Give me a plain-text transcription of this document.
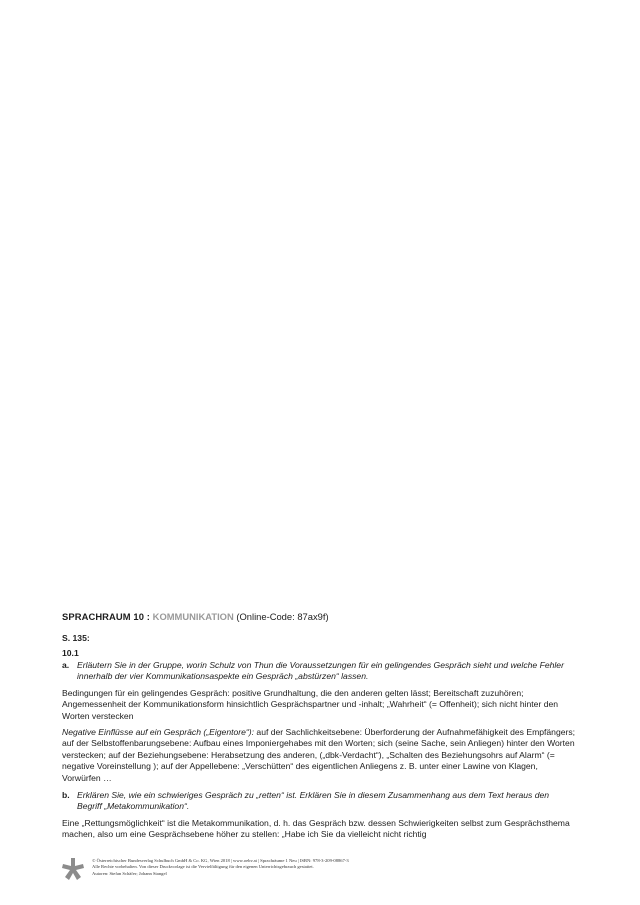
SPRACHRAUM 10 : KOMMUNIKATION (Online-Code: 87ax9f)
S. 135:
10.1
a. Erläutern Sie in der Gruppe, worin Schulz von Thun die Voraussetzungen für ein gelingendes Gespräch sieht und welche Fehler innerhalb der vier Kommunikationsaspekte ein Gespräch „abstürzen“ lassen.
Bedingungen für ein gelingendes Gespräch: positive Grundhaltung, die den anderen gelten lässt; Bereitschaft zuzuhören; Angemessenheit der Kommunikationsform hinsichtlich Gesprächspartner und -inhalt; „Wahrheit“ (= Offenheit); sich nicht hinter den Worten verstecken
Negative Einflüsse auf ein Gespräch („Eigentore“): auf der Sachlichkeitsebene: Überforderung der Aufnahmefähigkeit des Empfängers; auf der Selbstoffenbarungsebene: Aufbau eines Imponiergehabes mit den Worten; sich (seine Sache, sein Anliegen) hinter den Worten verstecken; auf der Beziehungsebene: Herabsetzung des anderen, („dbk-Verdacht“), „Schalten des Beziehungsohrs auf Alarm“ (= negative Voreinstellung ); auf der Appellebene: „Verschütten“ des eigentlichen Anliegens z. B. unter einer Lawine von Klagen, Vorwürfen …
b. Erklären Sie, wie ein schwieriges Gespräch zu „retten“ ist. Erklären Sie in diesem Zusammenhang aus dem Text heraus den Begriff „Metakommunikation“.
Eine „Rettungsmöglichkeit“ ist die Metakommunikation, d. h. das Gespräch bzw. dessen Schwierigkeiten selbst zum Gesprächsthema machen, also um eine Gesprächsebene höher zu stellen: „Habe ich Sie da vielleicht nicht richtig
© Österreichischer Bundesverlag Schulbuch GmbH & Co. KG, Wien 2018 | www.oebv.at | Sprachräume 1 Neu | ISBN: 978-3-209-08867-3
Alle Rechte vorbehalten. Von dieser Druckvorlage ist die Vervielfältigung für den eigenen Unterrichtsgebrauch gestattet.
Autoren: Stefan Schäfer; Johann Stangel
